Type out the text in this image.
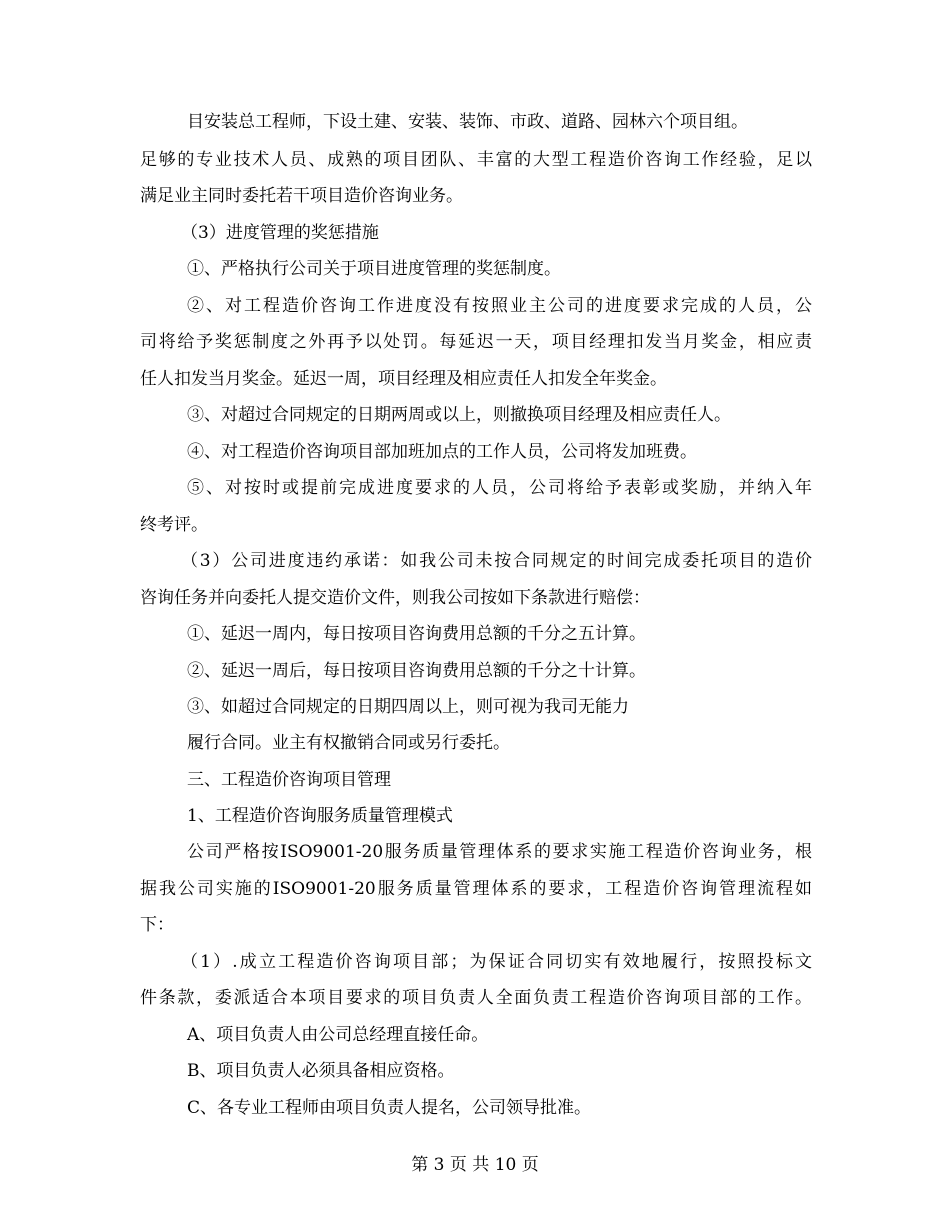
目安装总工程师，下设土建、安装、装饰、市政、道路、园林六个项目组。
足够的专业技术人员、成熟的项目团队、丰富的大型工程造价咨询工作经验，足以
满足业主同时委托若干项目造价咨询业务。
（3）进度管理的奖惩措施
①、严格执行公司关于项目进度管理的奖惩制度。
②、对工程造价咨询工作进度没有按照业主公司的进度要求完成的人员，公
司将给予奖惩制度之外再予以处罚。每延迟一天，项目经理扣发当月奖金，相应责
任人扣发当月奖金。延迟一周，项目经理及相应责任人扣发全年奖金。
③、对超过合同规定的日期两周或以上，则撤换项目经理及相应责任人。
④、对工程造价咨询项目部加班加点的工作人员，公司将发加班费。
⑤、对按时或提前完成进度要求的人员，公司将给予表彰或奖励，并纳入年
终考评。
（3）公司进度违约承诺：如我公司未按合同规定的时间完成委托项目的造价
咨询任务并向委托人提交造价文件，则我公司按如下条款进行赔偿：
①、延迟一周内，每日按项目咨询费用总额的千分之五计算。
②、延迟一周后，每日按项目咨询费用总额的千分之十计算。
③、如超过合同规定的日期四周以上，则可视为我司无能力
履行合同。业主有权撤销合同或另行委托。
三、工程造价咨询项目管理
1、工程造价咨询服务质量管理模式
公司严格按ISO9001-20服务质量管理体系的要求实施工程造价咨询业务，根
据我公司实施的ISO9001-20服务质量管理体系的要求，工程造价咨询管理流程如
下：
（1）.成立工程造价咨询项目部；为保证合同切实有效地履行，按照投标文
件条款，委派适合本项目要求的项目负责人全面负责工程造价咨询项目部的工作。
A、项目负责人由公司总经理直接任命。
B、项目负责人必须具备相应资格。
C、各专业工程师由项目负责人提名，公司领导批准。
第 3 页 共 10 页
